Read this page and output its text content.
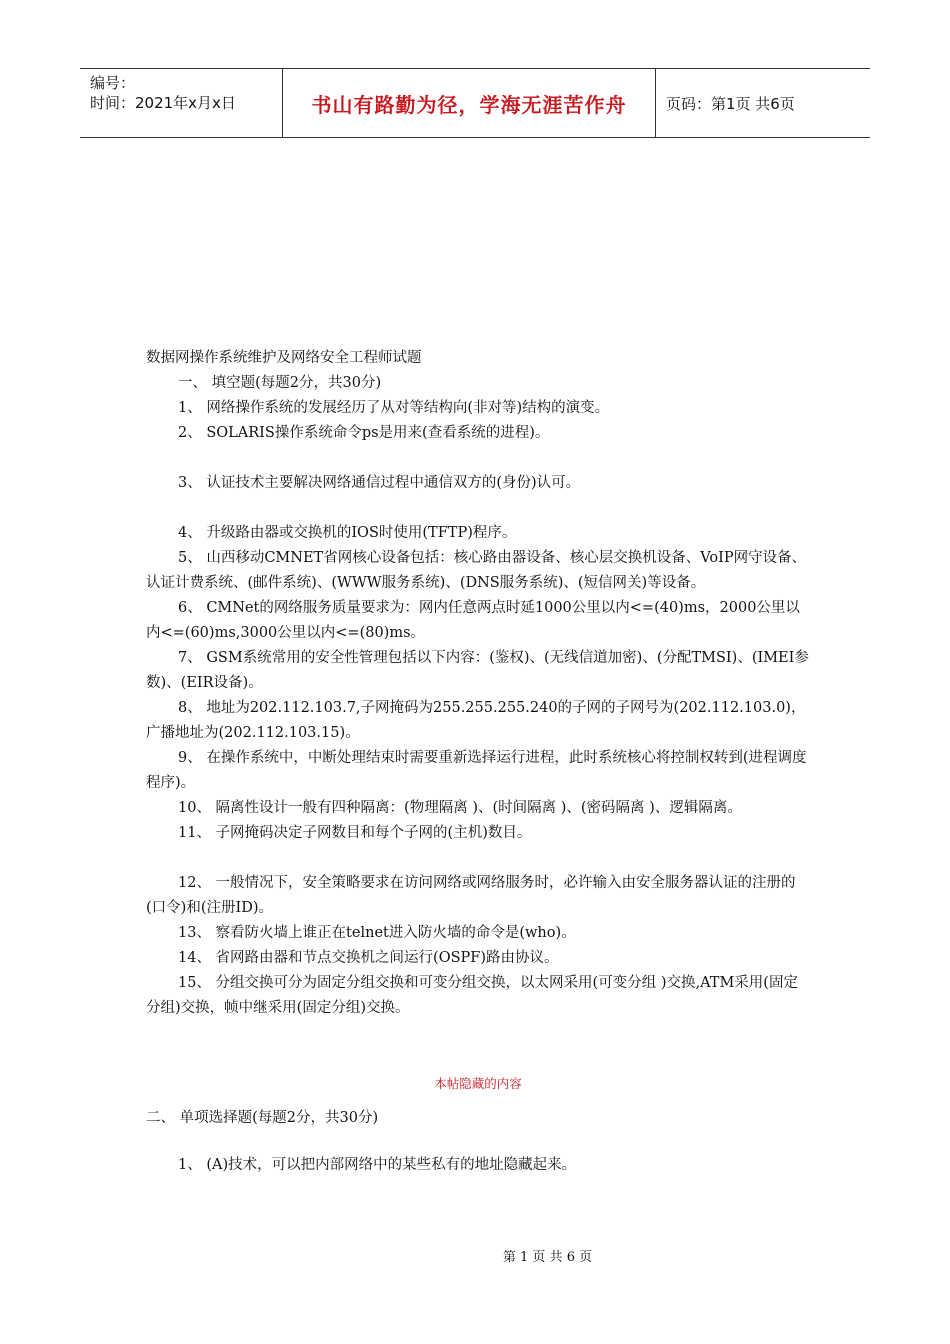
编号：
时间：2021年x月x日	书山有路勤为径，学海无涯苦作舟	页码：第1页 共6页

数据网操作系统维护及网络安全工程师试题

一、 填空题(每题2分，共30分)

1、 网络操作系统的发展经历了从对等结构向(非对等)结构的演变。

2、 SOLARIS操作系统命令ps是用来(查看系统的进程)。

3、 认证技术主要解决网络通信过程中通信双方的(身份)认可。

4、 升级路由器或交换机的IOS时使用(TFTP)程序。

5、 山西移动CMNET省网核心设备包括：核心路由器设备、核心层交换机设备、VoIP网守设备、认证计费系统、(邮件系统)、(WWW服务系统)、(DNS服务系统)、(短信网关)等设备。

6、 CMNet的网络服务质量要求为：网内任意两点时延1000公里以内<=(40)ms，2000公里以内<=(60)ms,3000公里以内<=(80)ms。

7、 GSM系统常用的安全性管理包括以下内容：(鉴权)、(无线信道加密)、(分配TMSI)、(IMEI参数)、(EIR设备)。

8、 地址为202.112.103.7,子网掩码为255.255.255.240的子网的子网号为(202.112.103.0)，广播地址为(202.112.103.15)。

9、 在操作系统中，中断处理结束时需要重新选择运行进程，此时系统核心将控制权转到(进程调度程序)。

10、 隔离性设计一般有四种隔离：(物理隔离 )、(时间隔离 )、(密码隔离 )、逻辑隔离。

11、 子网掩码决定子网数目和每个子网的(主机)数目。

12、 一般情况下，安全策略要求在访问网络或网络服务时，必许输入由安全服务器认证的注册的(口令)和(注册ID)。

13、 察看防火墙上谁正在telnet进入防火墙的命令是(who)。

14、 省网路由器和节点交换机之间运行(OSPF)路由协议。

15、 分组交换可分为固定分组交换和可变分组交换，以太网采用(可变分组 )交换,ATM采用(固定分组)交换，帧中继采用(固定分组)交换。

本帖隐藏的内容

二、 单项选择题(每题2分，共30分)

1、 (A)技术，可以把内部网络中的某些私有的地址隐藏起来。

第 1 页 共 6 页
